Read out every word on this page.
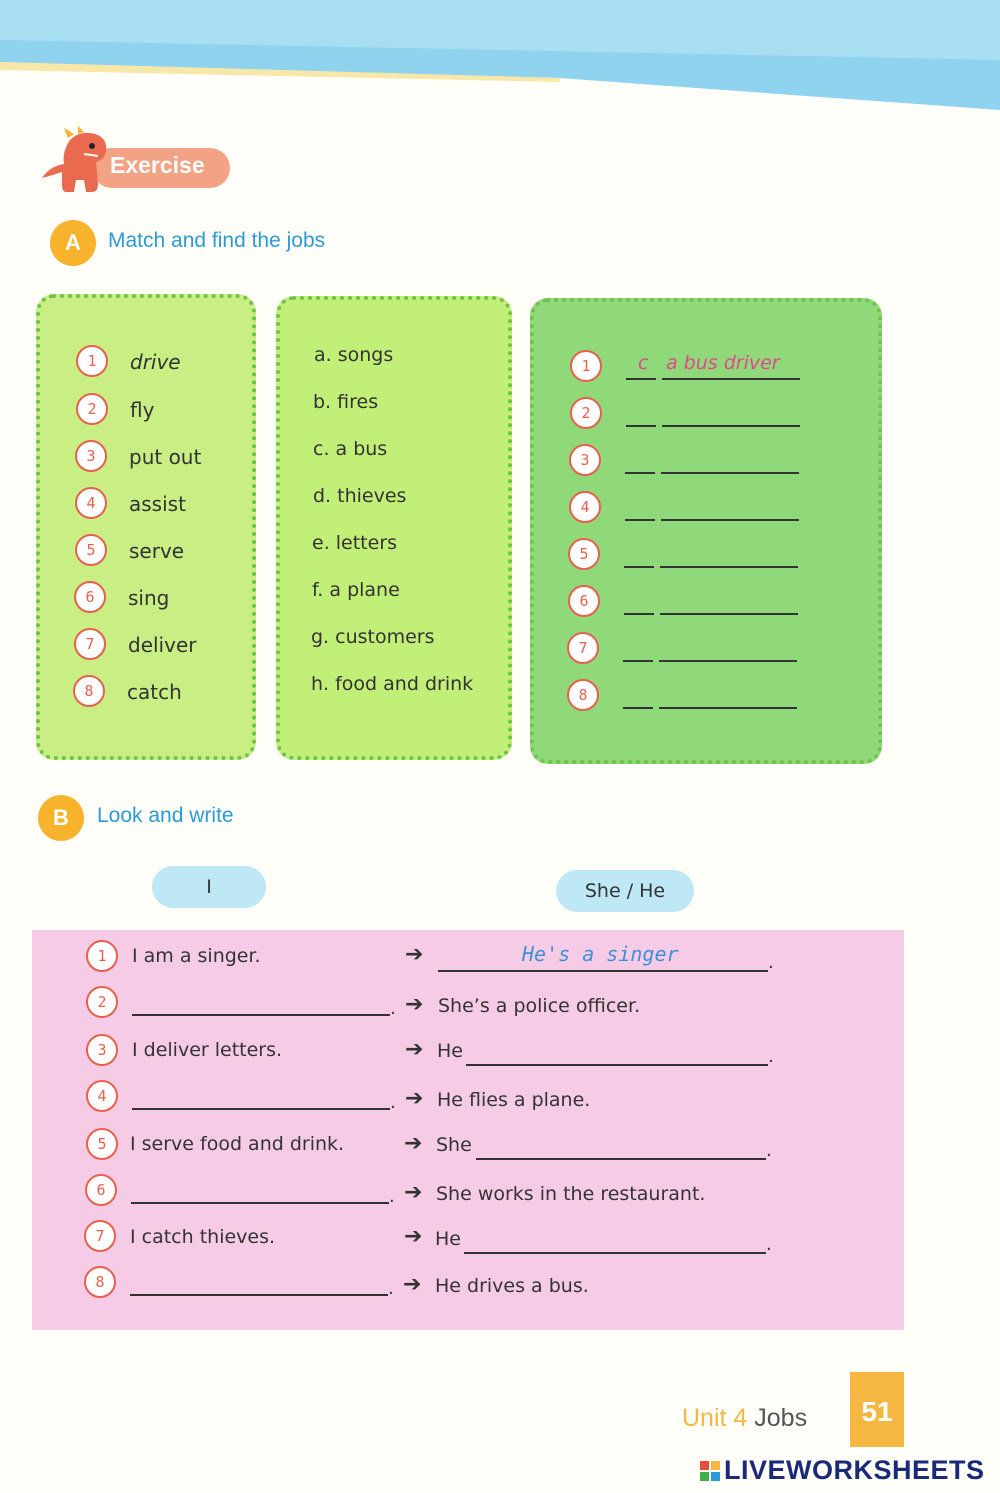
Exercise
A	Match and find the jobs
1	drive
2	fly
3	put out
4	assist
5	serve
6	sing
7	deliver
8	catch
a. songs
b. fires
c. a bus
d. thieves
e. letters
f. a plane
g. customers
h. food and drink
1	c a bus driver
2
3
4
5
6
7
8
B	Look and write
I	She / He
1	I am a singer.	➔	He's a singer	.
2	. ➔ She’s a police officer.
3	I deliver letters.	➔ He	.
4	. ➔ He flies a plane.
5	I serve food and drink.	➔ She	.
6	. ➔ She works in the restaurant.
7	I catch thieves.	➔ He	.
8	. ➔ He drives a bus.
Unit 4 Jobs	51
LIVEWORKSHEETS
